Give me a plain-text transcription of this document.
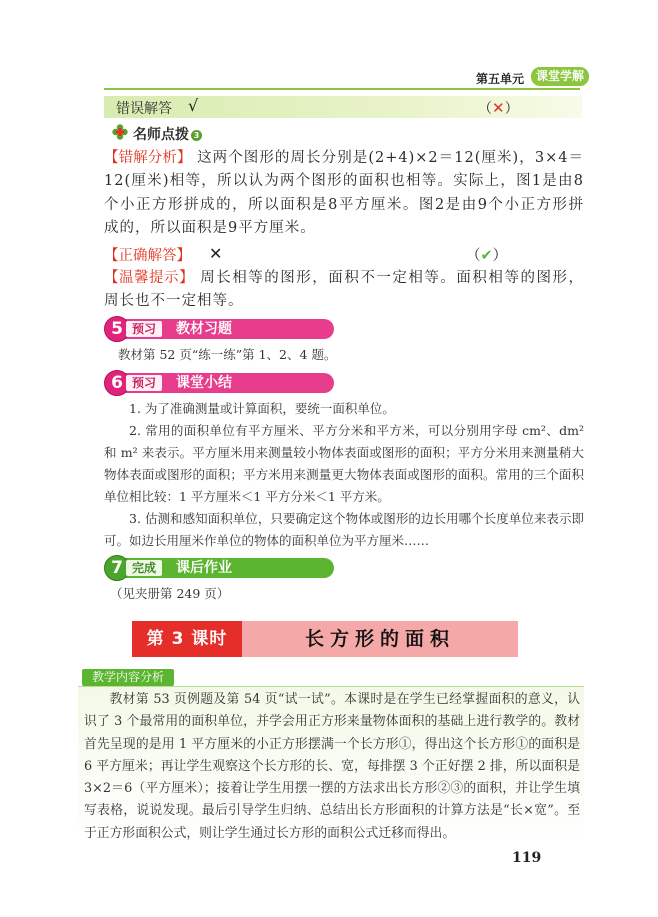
第五单元 课堂学解
错误解答 √	（✕）
名师点拨 3
【错解分析】 这两个图形的周长分别是(2+4)×2＝12(厘米)，3×4＝12(厘米)相等，所以认为两个图形的面积也相等。实际上，图1是由8个小正方形拼成的，所以面积是8平方厘米。图2是由9个小正方形拼成的，所以面积是9平方厘米。
【正确解答】 ✕	（✔）
【温馨提示】 周长相等的图形，面积不一定相等。面积相等的图形，周长也不一定相等。
5 预习	教材习题
教材第 52 页“练一练”第 1、2、4 题。
6 预习	课堂小结

1. 为了准确测量或计算面积，要统一面积单位。

2. 常用的面积单位有平方厘米、平方分米和平方米，可以分别用字母 cm²、dm² 和 m² 来表示。平方厘米用来测量较小物体表面或图形的面积；平方分米用来测量稍大物体表面或图形的面积；平方米用来测量更大物体表面或图形的面积。常用的三个面积单位相比较：1 平方厘米＜1 平方分米＜1 平方米。

3. 估测和感知面积单位，只要确定这个物体或图形的边长用哪个长度单位来表示即可。如边长用厘米作单位的物体的面积单位为平方厘米……

7 完成	课后作业
（见夹册第 249 页）
第 3 课时	长方形的面积
教学内容分析

教材第 53 页例题及第 54 页“试一试”。本课时是在学生已经掌握面积的意义，认识了 3 个最常用的面积单位，并学会用正方形来量物体面积的基础上进行教学的。教材首先呈现的是用 1 平方厘米的小正方形摆满一个长方形①，得出这个长方形①的面积是 6 平方厘米；再让学生观察这个长方形的长、宽，每排摆 3 个正好摆 2 排，所以面积是 3×2＝6（平方厘米）；接着让学生用摆一摆的方法求出长方形②③的面积，并让学生填写表格，说说发现。最后引导学生归纳、总结出长方形面积的计算方法是“长×宽”。至于正方形面积公式，则让学生通过长方形的面积公式迁移而得出。

119
